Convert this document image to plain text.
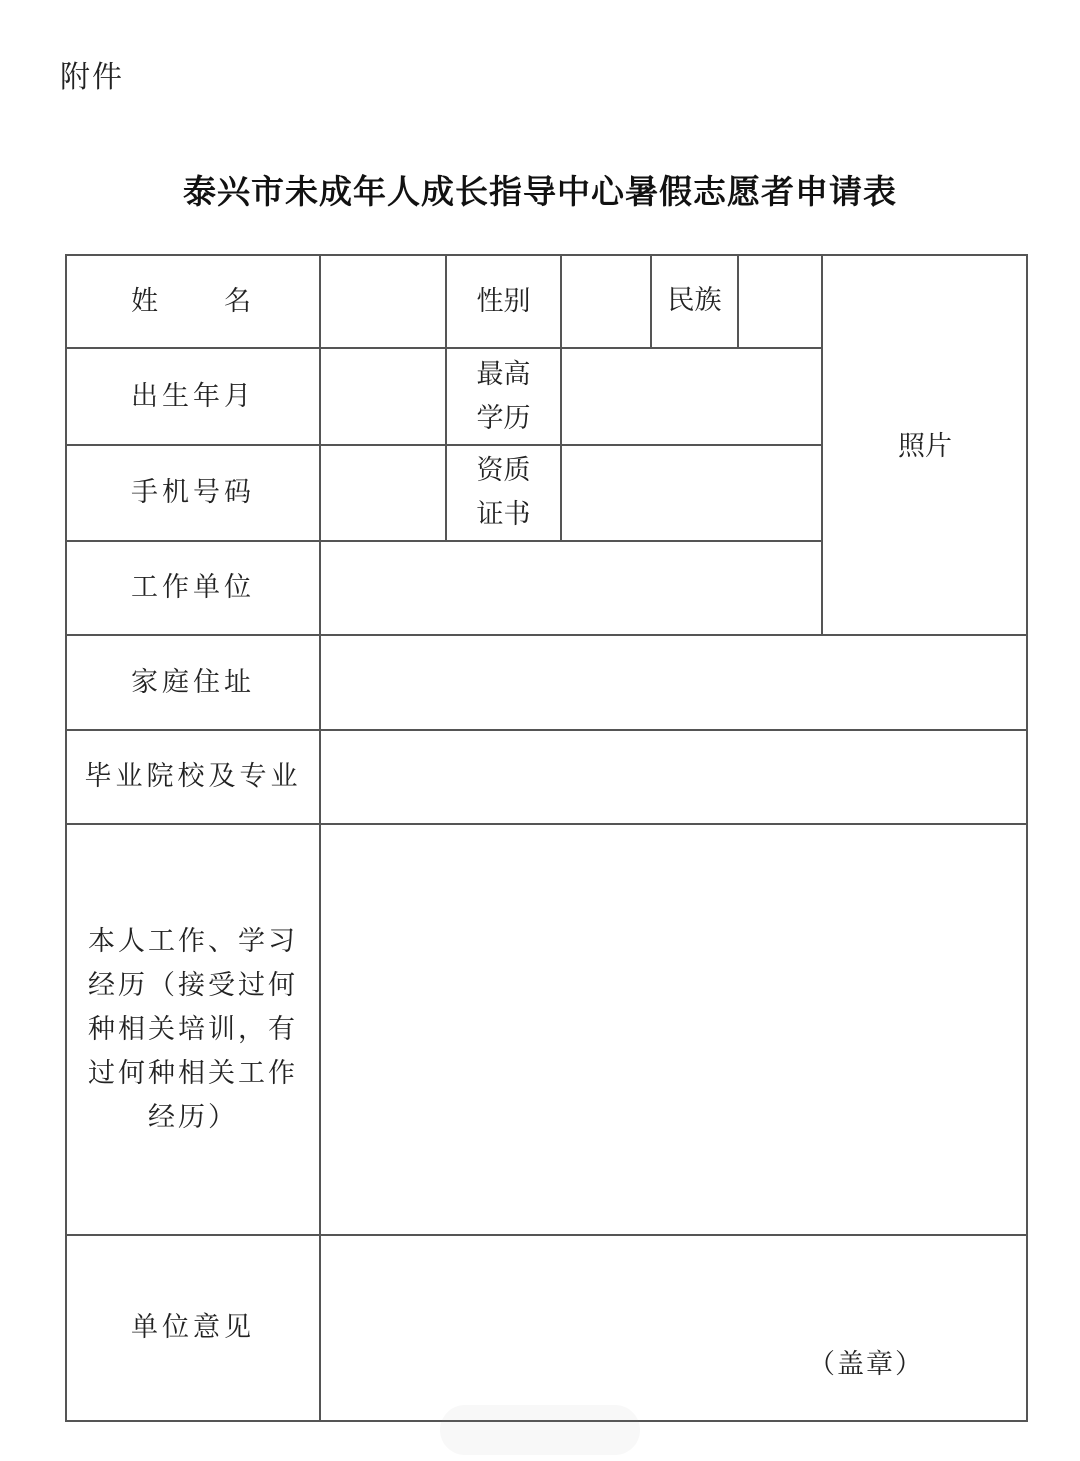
附件
泰兴市未成年人成长指导中心暑假志愿者申请表
姓　　名	性别	民族
照片
出生年月
最高
学历
手机号码
资质
证书
工作单位
家庭住址
毕业院校及专业
本人工作、学习
经历（接受过何
种相关培训，有
过何种相关工作
经历）
单位意见
（盖章）
